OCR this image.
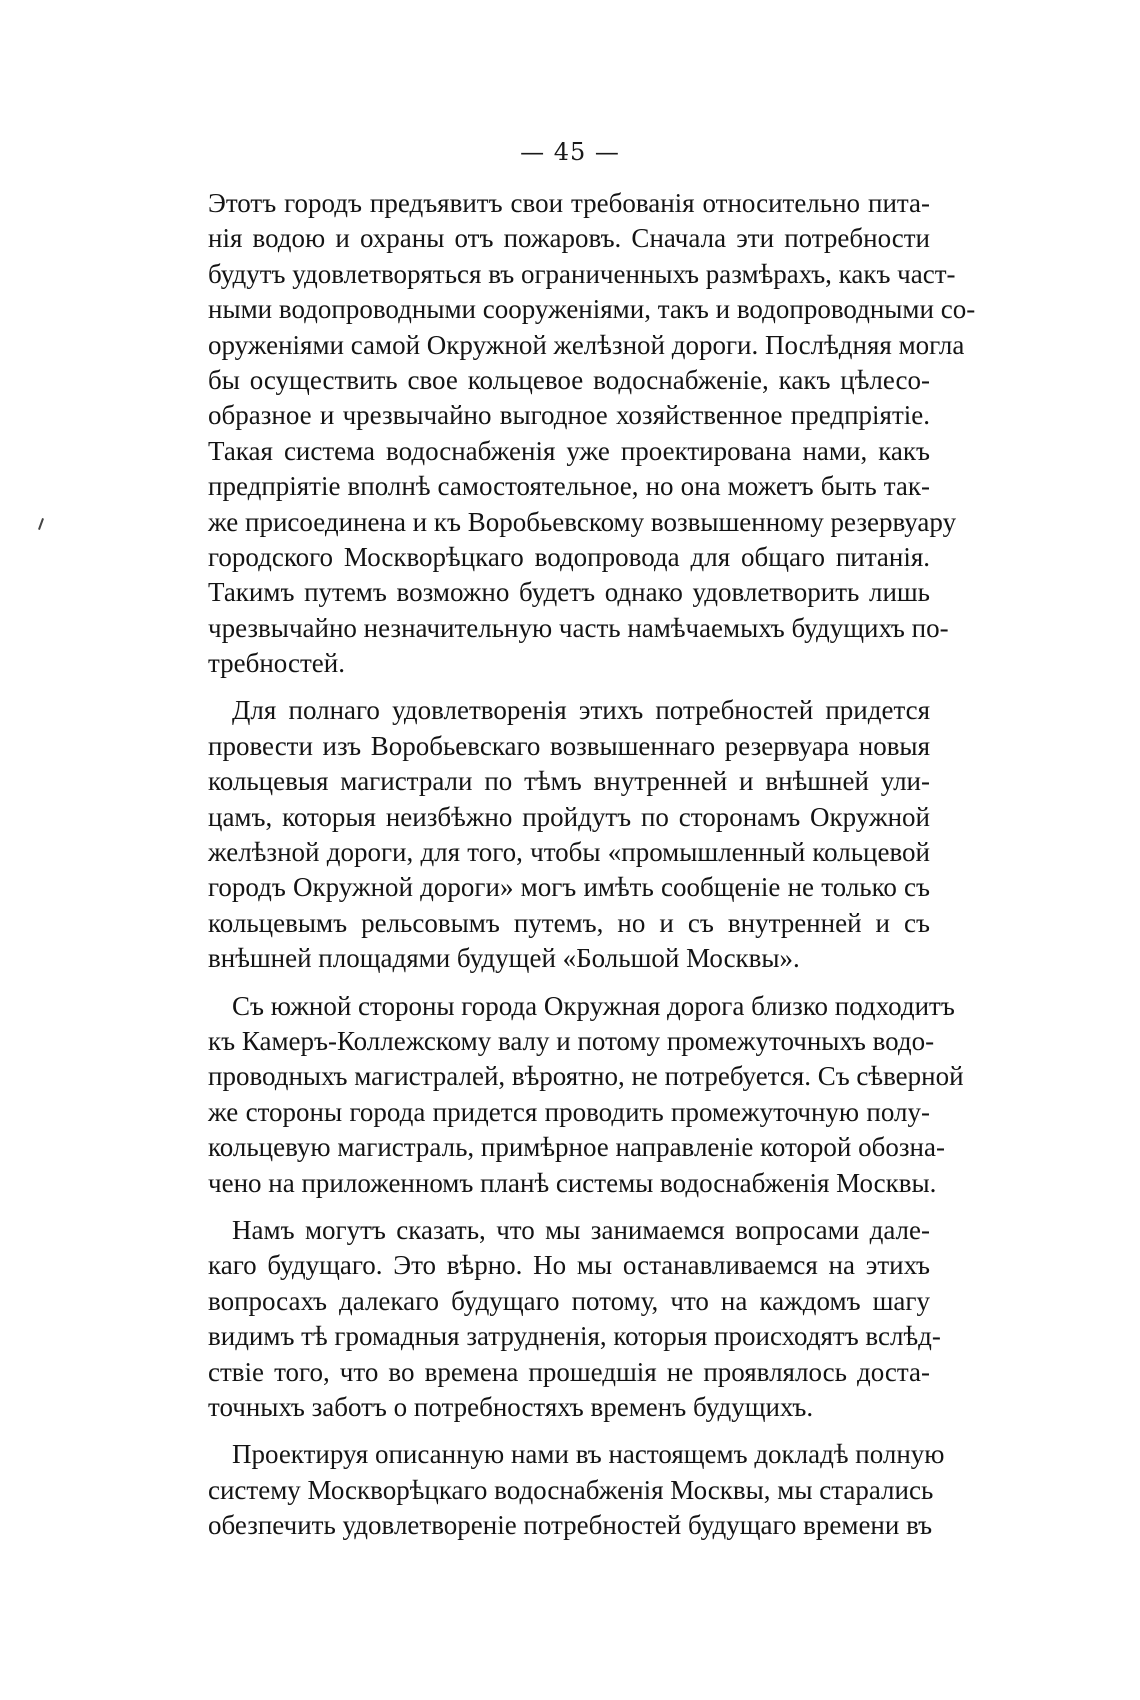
— 45 —
Этотъ городъ предъявитъ свои требованія относительно пита-
нія водою и охраны отъ пожаровъ. Сначала эти потребности
будутъ удовлетворяться въ ограниченныхъ размѣрахъ, какъ част-
ными водопроводными сооруженіями, такъ и водопроводными со-
оруженіями самой Окружной желѣзной дороги. Послѣдняя могла
бы осуществить свое кольцевое водоснабженіе, какъ цѣлесо-
образное и чрезвычайно выгодное хозяйственное предпріятіе.
Такая система водоснабженія уже проектирована нами, какъ
предпріятіе вполнѣ самостоятельное, но она можетъ быть так-
же присоединена и къ Воробьевскому возвышенному резервуару
городского Москворѣцкаго водопровода для общаго питанія.
Такимъ путемъ возможно будетъ однако удовлетворить лишь
чрезвычайно незначительную часть намѣчаемыхъ будущихъ по-
требностей.
Для полнаго удовлетворенія этихъ потребностей придется
провести изъ Воробьевскаго возвышеннаго резервуара новыя
кольцевыя магистрали по тѣмъ внутренней и внѣшней ули-
цамъ, которыя неизбѣжно пройдутъ по сторонамъ Окружной
желѣзной дороги, для того, чтобы «промышленный кольцевой
городъ Окружной дороги» могъ имѣть сообщеніе не только съ
кольцевымъ рельсовымъ путемъ, но и съ внутренней и съ
внѣшней площадями будущей «Большой Москвы».
Съ южной стороны города Окружная дорога близко подходитъ
къ Камеръ-Коллежскому валу и потому промежуточныхъ водо-
проводныхъ магистралей, вѣроятно, не потребуется. Съ сѣверной
же стороны города придется проводить промежуточную полу-
кольцевую магистраль, примѣрное направленіе которой обозна-
чено на приложенномъ планѣ системы водоснабженія Москвы.
Намъ могутъ сказать, что мы занимаемся вопросами дале-
каго будущаго. Это вѣрно. Но мы останавливаемся на этихъ
вопросахъ далекаго будущаго потому, что на каждомъ шагу
видимъ тѣ громадныя затрудненія, которыя происходятъ вслѣд-
ствіе того, что во времена прошедшія не проявлялось доста-
точныхъ заботъ о потребностяхъ временъ будущихъ.
Проектируя описанную нами въ настоящемъ докладѣ полную
систему Москворѣцкаго водоснабженія Москвы, мы старались
обезпечить удовлетвореніе потребностей будущаго времени въ
